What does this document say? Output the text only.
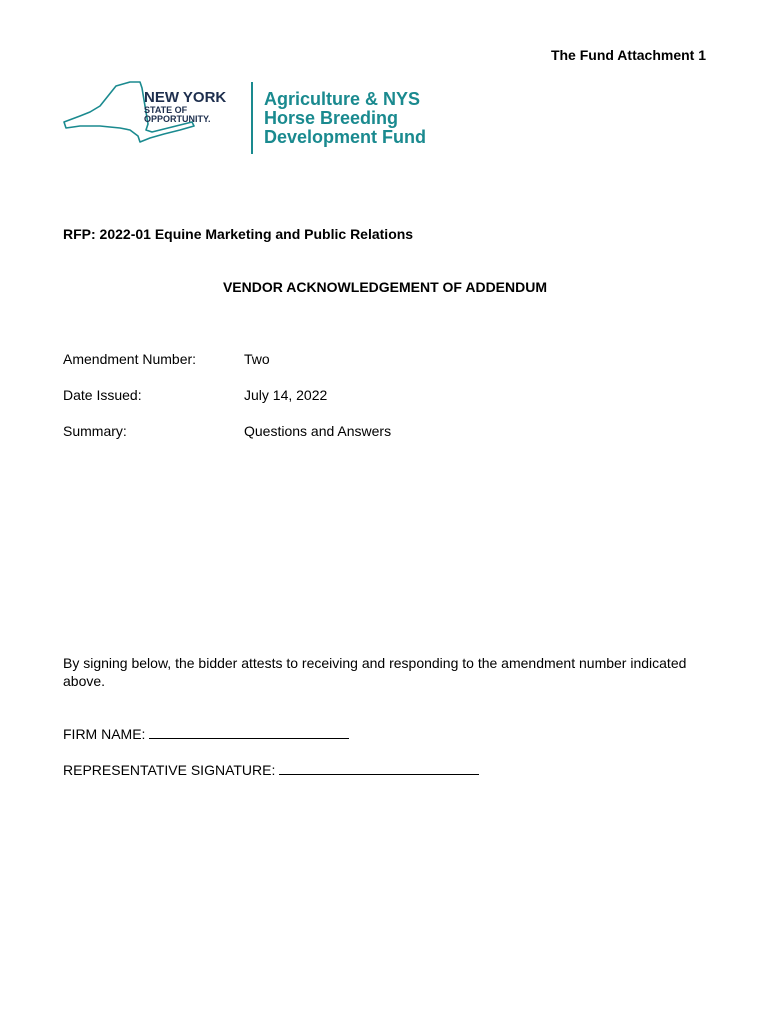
The Fund Attachment 1
NEW YORK
STATE OF
OPPORTUNITY.
Agriculture & NYS
Horse Breeding
Development Fund
RFP: 2022-01 Equine Marketing and Public Relations
VENDOR ACKNOWLEDGEMENT OF ADDENDUM
Amendment Number:	Two
Date Issued:	July 14, 2022
Summary:	Questions and Answers
By signing below, the bidder attests to receiving and responding to the amendment number indicated above.
FIRM NAME:
REPRESENTATIVE SIGNATURE:
